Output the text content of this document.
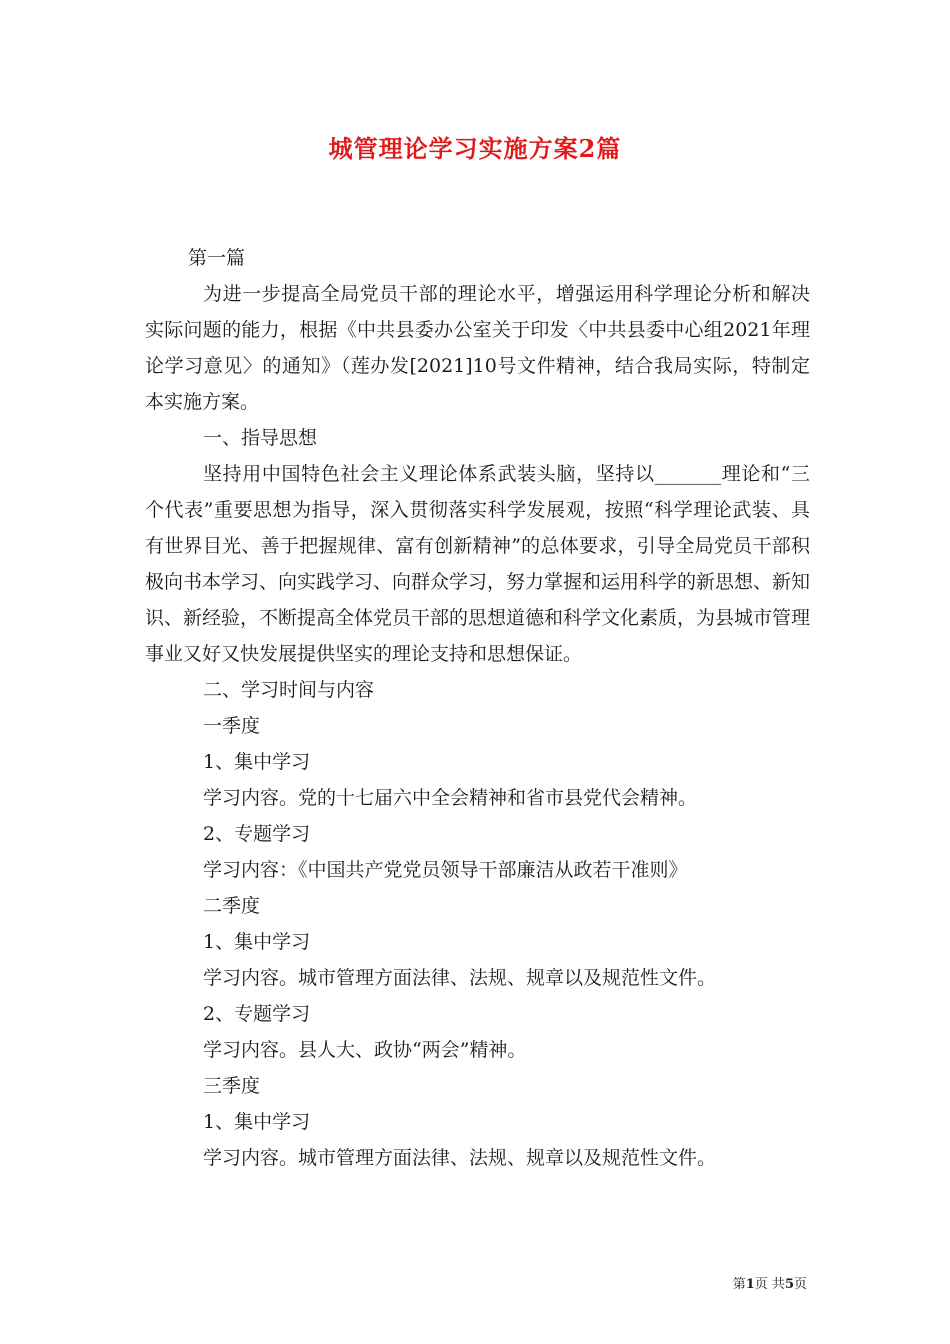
城管理论学习实施方案2篇

第一篇

为进一步提高全局党员干部的理论水平，增强运用科学理论分析和解决实际问题的能力，根据《中共县委办公室关于印发〈中共县委中心组2021年理论学习意见〉的通知》（莲办发[2021]10号文件精神，结合我局实际，特制定本实施方案。

一、指导思想

坚持用中国特色社会主义理论体系武装头脑，坚持以_______理论和“三个代表”重要思想为指导，深入贯彻落实科学发展观，按照“科学理论武装、具有世界目光、善于把握规律、富有创新精神”的总体要求，引导全局党员干部积极向书本学习、向实践学习、向群众学习，努力掌握和运用科学的新思想、新知识、新经验，不断提高全体党员干部的思想道德和科学文化素质，为县城市管理事业又好又快发展提供坚实的理论支持和思想保证。

二、学习时间与内容

一季度

1、集中学习

学习内容。党的十七届六中全会精神和省市县党代会精神。

2、专题学习

学习内容：《中国共产党党员领导干部廉洁从政若干准则》

二季度

1、集中学习

学习内容。城市管理方面法律、法规、规章以及规范性文件。

2、专题学习

学习内容。县人大、政协“两会”精神。

三季度

1、集中学习

学习内容。城市管理方面法律、法规、规章以及规范性文件。

第1页 共5页
